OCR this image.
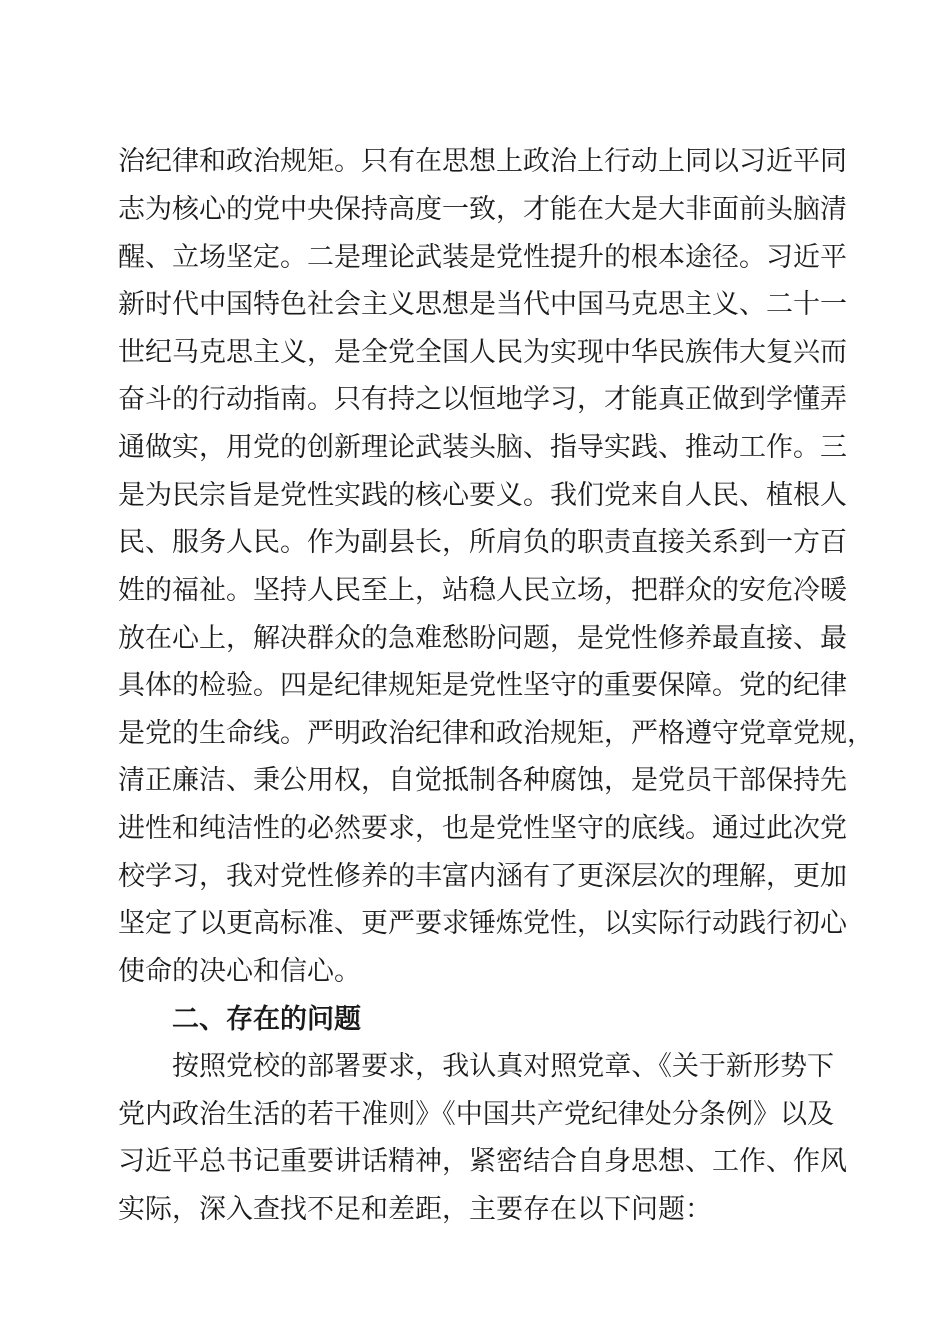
治纪律和政治规矩。只有在思想上政治上行动上同以习近平同
志为核心的党中央保持高度一致，才能在大是大非面前头脑清
醒、立场坚定。二是理论武装是党性提升的根本途径。习近平
新时代中国特色社会主义思想是当代中国马克思主义、二十一
世纪马克思主义，是全党全国人民为实现中华民族伟大复兴而
奋斗的行动指南。只有持之以恒地学习，才能真正做到学懂弄
通做实，用党的创新理论武装头脑、指导实践、推动工作。三
是为民宗旨是党性实践的核心要义。我们党来自人民、植根人
民、服务人民。作为副县长，所肩负的职责直接关系到一方百
姓的福祉。坚持人民至上，站稳人民立场，把群众的安危冷暖
放在心上，解决群众的急难愁盼问题，是党性修养最直接、最
具体的检验。四是纪律规矩是党性坚守的重要保障。党的纪律
是党的生命线。严明政治纪律和政治规矩，严格遵守党章党规，
清正廉洁、秉公用权，自觉抵制各种腐蚀，是党员干部保持先
进性和纯洁性的必然要求，也是党性坚守的底线。通过此次党
校学习，我对党性修养的丰富内涵有了更深层次的理解，更加
坚定了以更高标准、更严要求锤炼党性，以实际行动践行初心
使命的决心和信心。
二、存在的问题
按照党校的部署要求，我认真对照党章、《关于新形势下
党内政治生活的若干准则》《中国共产党纪律处分条例》以及
习近平总书记重要讲话精神，紧密结合自身思想、工作、作风
实际，深入查找不足和差距，主要存在以下问题：
